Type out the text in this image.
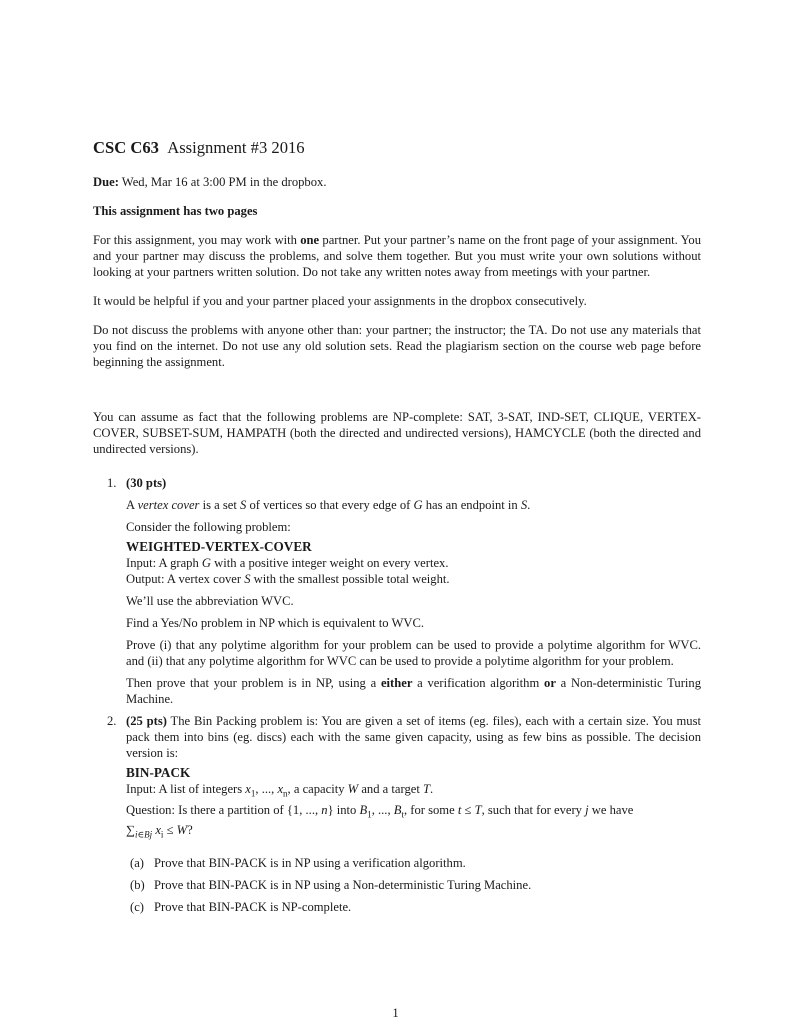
CSC C63 Assignment #3 2016

Due: Wed, Mar 16 at 3:00 PM in the dropbox.

This assignment has two pages

For this assignment, you may work with one partner. Put your partner’s name on the front page of your assignment. You and your partner may discuss the problems, and solve them together. But you must write your own solutions without looking at your partners written solution. Do not take any written notes away from meetings with your partner.

It would be helpful if you and your partner placed your assignments in the dropbox consecutively.

Do not discuss the problems with anyone other than: your partner; the instructor; the TA. Do not use any materials that you find on the internet. Do not use any old solution sets. Read the plagiarism section on the course web page before beginning the assignment.

You can assume as fact that the following problems are NP-complete: SAT, 3-SAT, IND-SET, CLIQUE, VERTEX-COVER, SUBSET-SUM, HAMPATH (both the directed and undirected versions), HAMCYCLE (both the directed and undirected versions).

1. (30 pts)

A vertex cover is a set S of vertices so that every edge of G has an endpoint in S.

Consider the following problem:

WEIGHTED-VERTEX-COVER

Input: A graph G with a positive integer weight on every vertex.

Output: A vertex cover S with the smallest possible total weight.

We’ll use the abbreviation WVC.

Find a Yes/No problem in NP which is equivalent to WVC.

Prove (i) that any polytime algorithm for your problem can be used to provide a polytime algorithm for WVC. and (ii) that any polytime algorithm for WVC can be used to provide a polytime algorithm for your problem.

Then prove that your problem is in NP, using a either a verification algorithm or a Non-deterministic Turing Machine.

2. (25 pts) The Bin Packing problem is: You are given a set of items (eg. files), each with a certain size. You must pack them into bins (eg. discs) each with the same given capacity, using as few bins as possible. The decision version is:

BIN-PACK

Input: A list of integers $x_1$, ..., $x_n$, a capacity W and a target T.

Question: Is there a partition of {1, ..., n} into $B_1$, ..., $B_t$, for some t ≤ T, such that for every j we have

$\sum_{i\in Bj}$ $x_i \le W$?

(a) Prove that BIN-PACK is in NP using a verification algorithm.
(b) Prove that BIN-PACK is in NP using a Non-deterministic Turing Machine.
(c) Prove that BIN-PACK is NP-complete.
1
